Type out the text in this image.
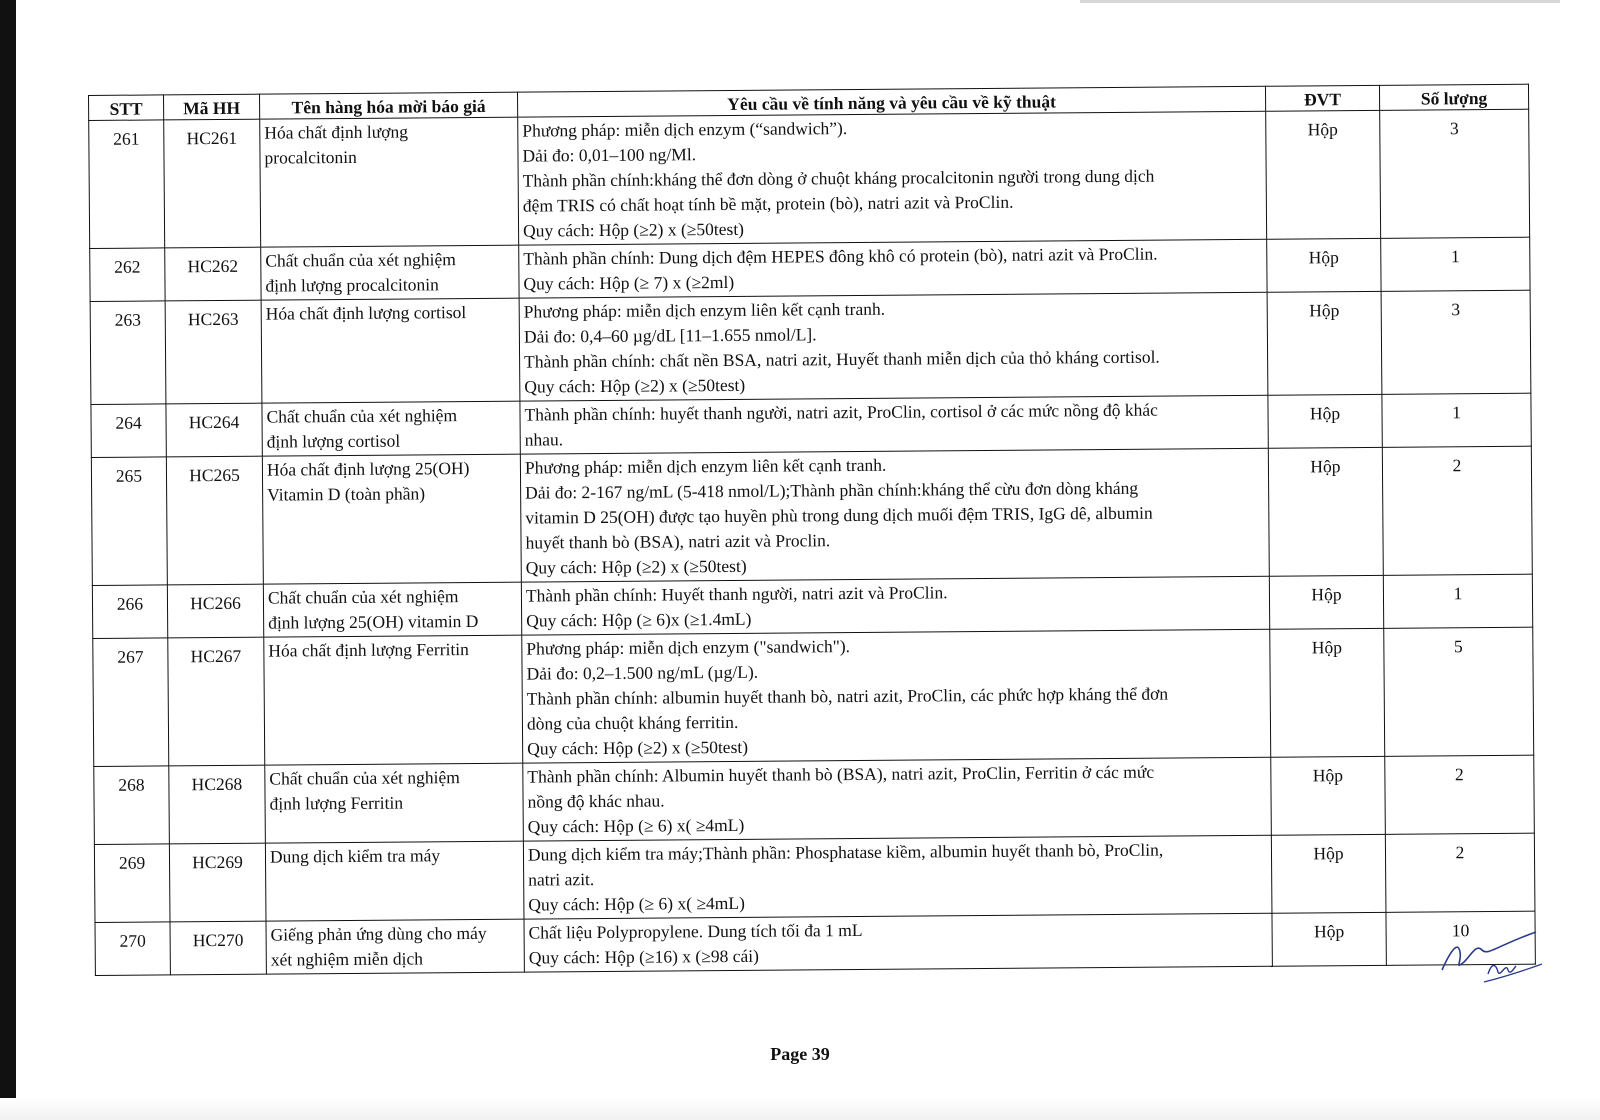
STT	Mã HH	Tên hàng hóa mời báo giá	Yêu cầu về tính năng và yêu cầu về kỹ thuật	ĐVT	Số lượng
261	HC261	Hóa chất định lượng
procalcitonin	Phương pháp: miễn dịch enzym (“sandwich”).
Dải đo: 0,01–100 ng/Ml.
Thành phần chính:kháng thể đơn dòng ở chuột kháng procalcitonin người trong dung dịch
đệm TRIS có chất hoạt tính bề mặt, protein (bò), natri azit và ProClin.
Quy cách: Hộp (≥2) x (≥50test)	Hộp	3
262	HC262	Chất chuẩn của xét nghiệm
định lượng procalcitonin	Thành phần chính: Dung dịch đệm HEPES đông khô có protein (bò), natri azit và ProClin.
Quy cách: Hộp (≥ 7) x (≥2ml)	Hộp	1
263	HC263	Hóa chất định lượng cortisol	Phương pháp: miễn dịch enzym liên kết cạnh tranh.
Dải đo: 0,4–60 µg/dL [11–1.655 nmol/L].
Thành phần chính: chất nền BSA, natri azit, Huyết thanh miễn dịch của thỏ kháng cortisol.
Quy cách: Hộp (≥2) x (≥50test)	Hộp	3
264	HC264	Chất chuẩn của xét nghiệm
định lượng cortisol	Thành phần chính: huyết thanh người, natri azit, ProClin, cortisol ở các mức nồng độ khác
nhau.	Hộp	1
265	HC265	Hóa chất định lượng 25(OH)
Vitamin D (toàn phần)	Phương pháp: miễn dịch enzym liên kết cạnh tranh.
Dải đo: 2-167 ng/mL (5-418 nmol/L);Thành phần chính:kháng thể cừu đơn dòng kháng
vitamin D 25(OH) được tạo huyền phù trong dung dịch muối đệm TRIS, IgG dê, albumin
huyết thanh bò (BSA), natri azit và Proclin.
Quy cách: Hộp (≥2) x (≥50test)	Hộp	2
266	HC266	Chất chuẩn của xét nghiệm
định lượng 25(OH) vitamin D	Thành phần chính: Huyết thanh người, natri azit và ProClin.
Quy cách: Hộp (≥ 6)x (≥1.4mL)	Hộp	1
267	HC267	Hóa chất định lượng Ferritin	Phương pháp: miễn dịch enzym ("sandwich").
Dải đo: 0,2–1.500 ng/mL (µg/L).
Thành phần chính: albumin huyết thanh bò, natri azit, ProClin, các phức hợp kháng thể đơn
dòng của chuột kháng ferritin.
Quy cách: Hộp (≥2) x (≥50test)	Hộp	5
268	HC268	Chất chuẩn của xét nghiệm
định lượng Ferritin	Thành phần chính: Albumin huyết thanh bò (BSA), natri azit, ProClin, Ferritin ở các mức
nồng độ khác nhau.
Quy cách: Hộp (≥ 6) x( ≥4mL)	Hộp	2
269	HC269	Dung dịch kiểm tra máy	Dung dịch kiểm tra máy;Thành phần: Phosphatase kiềm, albumin huyết thanh bò, ProClin,
natri azit.
Quy cách: Hộp (≥ 6) x( ≥4mL)	Hộp	2
270	HC270	Giếng phản ứng dùng cho máy
xét nghiệm miễn dịch	Chất liệu Polypropylene. Dung tích tối đa 1 mL
Quy cách: Hộp (≥16) x (≥98 cái)	Hộp	10
Page 39
